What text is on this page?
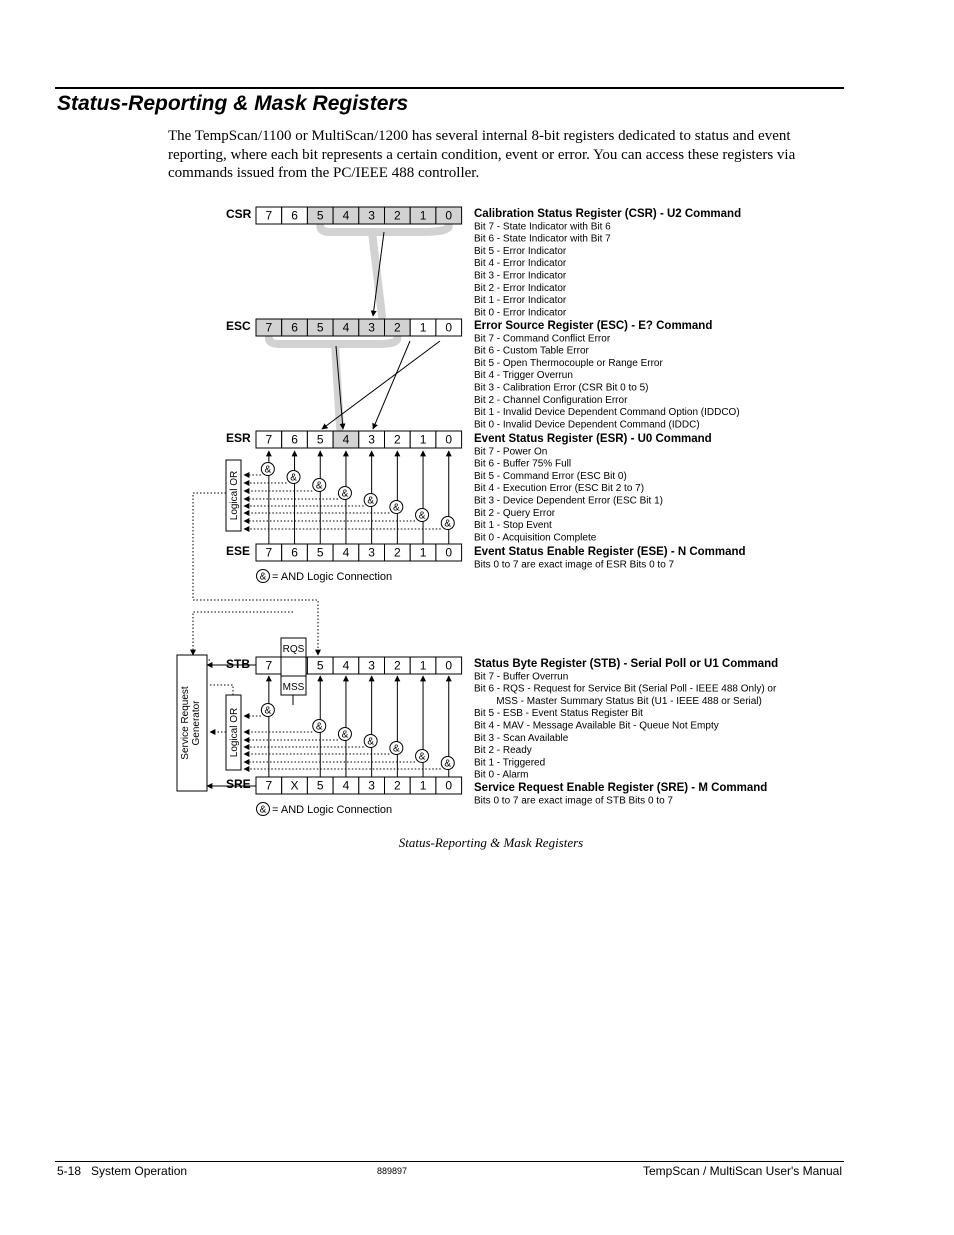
Status-Reporting & Mask Registers

The TempScan/1100 or MultiScan/1200 has several internal 8-bit registers dedicated to status and event reporting, where each bit represents a certain condition, event or error. You can access these registers via commands issued from the PC/IEEE 488 controller.

CSR 7 6 5 4 3 2 1 0
ESC 7 6 5 4 3 2 1 0
ESR 7 6 5 4 3 2 1 0
ESE 7 6 5 4 3 2 1 0
STB 7	5 4 3 2 1 0
SRE 7 X 5 4 3 2 1 0
&
&
&
&
&
&
&
&
Logical OR
&
&
&
&
&
&
&
Logical OR
& = AND Logic Connection
& = AND Logic Connection
RQS
MSS
Service Request Generator
Calibration Status Register (CSR) - U2 Command
Bit 7 - State Indicator with Bit 6
Bit 6 - State Indicator with Bit 7
Bit 5 - Error Indicator
Bit 4 - Error Indicator
Bit 3 - Error Indicator
Bit 2 - Error Indicator
Bit 1 - Error Indicator
Bit 0 - Error Indicator
Error Source Register (ESC) - E? Command
Bit 7 - Command Conflict Error
Bit 6 - Custom Table Error
Bit 5 - Open Thermocouple or Range Error
Bit 4 - Trigger Overrun
Bit 3 - Calibration Error (CSR Bit 0 to 5)
Bit 2 - Channel Configuration Error
Bit 1 - Invalid Device Dependent Command Option (IDDCO)
Bit 0 - Invalid Device Dependent Command (IDDC)
Event Status Register (ESR) - U0 Command
Bit 7 - Power On
Bit 6 - Buffer 75% Full
Bit 5 - Command Error (ESC Bit 0)
Bit 4 - Execution Error (ESC Bit 2 to 7)
Bit 3 - Device Dependent Error (ESC Bit 1)
Bit 2 - Query Error
Bit 1 - Stop Event
Bit 0 - Acquisition Complete
Event Status Enable Register (ESE) - N Command
Bits 0 to 7 are exact image of ESR Bits 0 to 7
Status Byte Register (STB) - Serial Poll or U1 Command
Bit 7 - Buffer Overrun
Bit 6 - RQS - Request for Service Bit (Serial Poll - IEEE 488 Only) or
MSS - Master Summary Status Bit (U1 - IEEE 488 or Serial)
Bit 5 - ESB - Event Status Register Bit
Bit 4 - MAV - Message Available Bit - Queue Not Empty
Bit 3 - Scan Available
Bit 2 - Ready
Bit 1 - Triggered
Bit 0 - Alarm
Service Request Enable Register (SRE) - M Command
Bits 0 to 7 are exact image of STB Bits 0 to 7
Status-Reporting & Mask Registers
5-18   System Operation	889897	TempScan / MultiScan User's Manual
